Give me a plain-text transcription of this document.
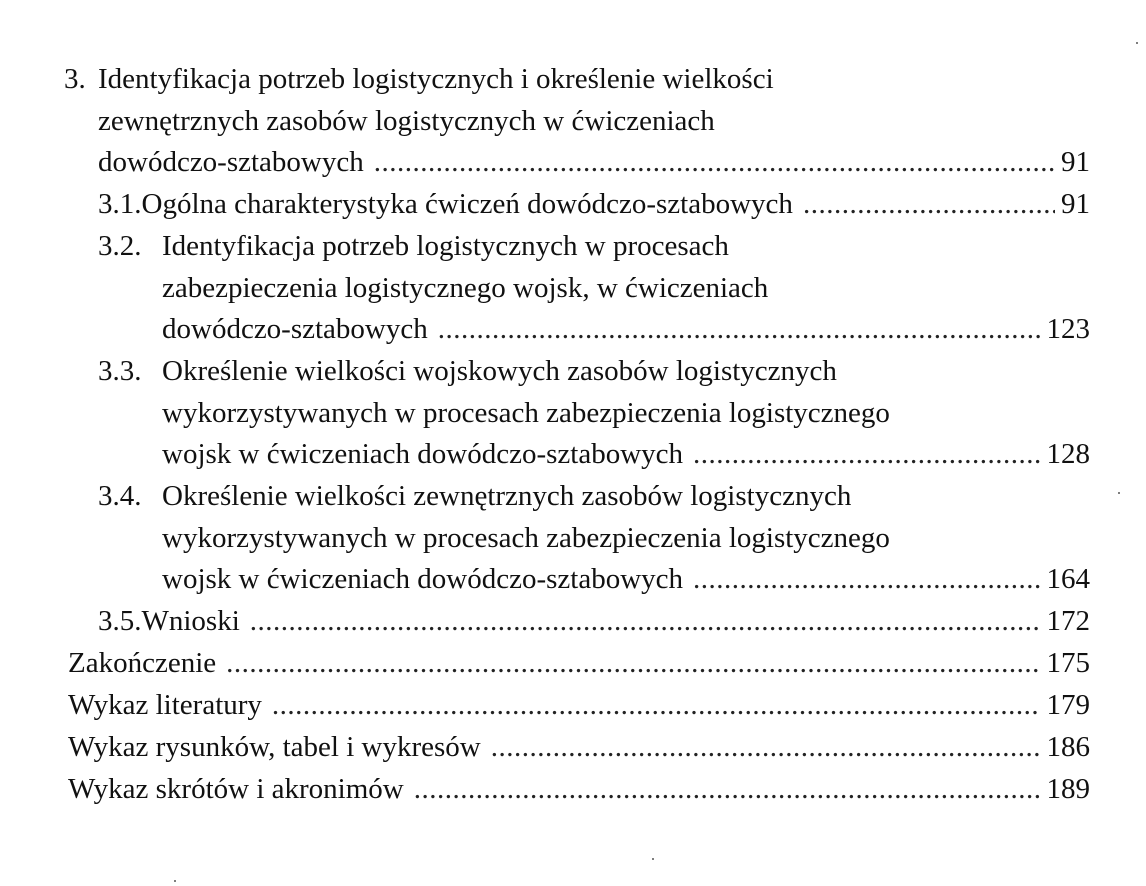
3. Identyfikacja potrzeb logistycznych i określenie wielkości
zewnętrznych zasobów logistycznych w ćwiczeniach
dowódczo-sztabowych .....	91
3.1. Ogólna charakterystyka ćwiczeń dowódczo-sztabowych .....	91
3.2. Identyfikacja potrzeb logistycznych w procesach
zabezpieczenia logistycznego wojsk, w ćwiczeniach
dowódczo-sztabowych .....	123
3.3. Określenie wielkości wojskowych zasobów logistycznych
wykorzystywanych w procesach zabezpieczenia logistycznego
wojsk w ćwiczeniach dowódczo-sztabowych .....	128
3.4. Określenie wielkości zewnętrznych zasobów logistycznych
wykorzystywanych w procesach zabezpieczenia logistycznego
wojsk w ćwiczeniach dowódczo-sztabowych .....	164
3.5. Wnioski .....	172
Zakończenie .....	175
Wykaz literatury .....	179
Wykaz rysunków, tabel i wykresów .....	186
Wykaz skrótów i akronimów .....	189
